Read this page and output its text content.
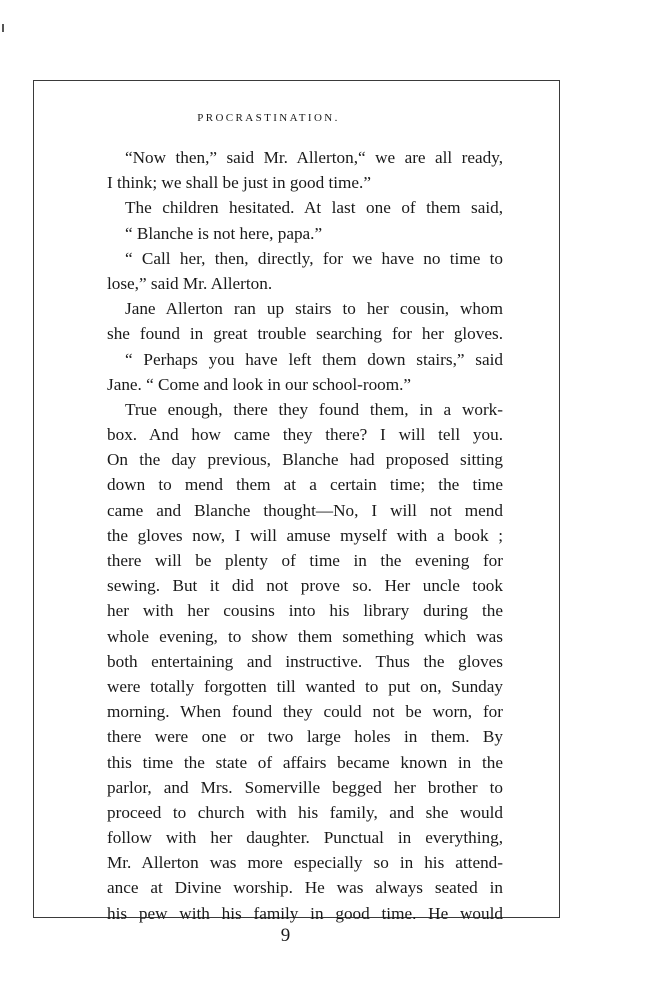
PROCRASTINATION.
“Now then,” said Mr. Allerton,“ we are all ready,
I think; we shall be just in good time.”
The children hesitated. At last one of them said,
“ Blanche is not here, papa.”
“ Call her, then, directly, for we have no time to
lose,” said Mr. Allerton.
Jane Allerton ran up stairs to her cousin, whom
she found in great trouble searching for her gloves.
“ Perhaps you have left them down stairs,” said
Jane. “ Come and look in our school-room.”
True enough, there they found them, in a work-
box. And how came they there? I will tell you.
On the day previous, Blanche had proposed sitting
down to mend them at a certain time; the time
came and Blanche thought—No, I will not mend
the gloves now, I will amuse myself with a book ;
there will be plenty of time in the evening for
sewing. But it did not prove so. Her uncle took
her with her cousins into his library during the
whole evening, to show them something which was
both entertaining and instructive. Thus the gloves
were totally forgotten till wanted to put on, Sunday
morning. When found they could not be worn, for
there were one or two large holes in them. By
this time the state of affairs became known in the
parlor, and Mrs. Somerville begged her brother to
proceed to church with his family, and she would
follow with her daughter. Punctual in everything,
Mr. Allerton was more especially so in his attend-
ance at Divine worship. He was always seated in
his pew with his family in good time. He would
9
